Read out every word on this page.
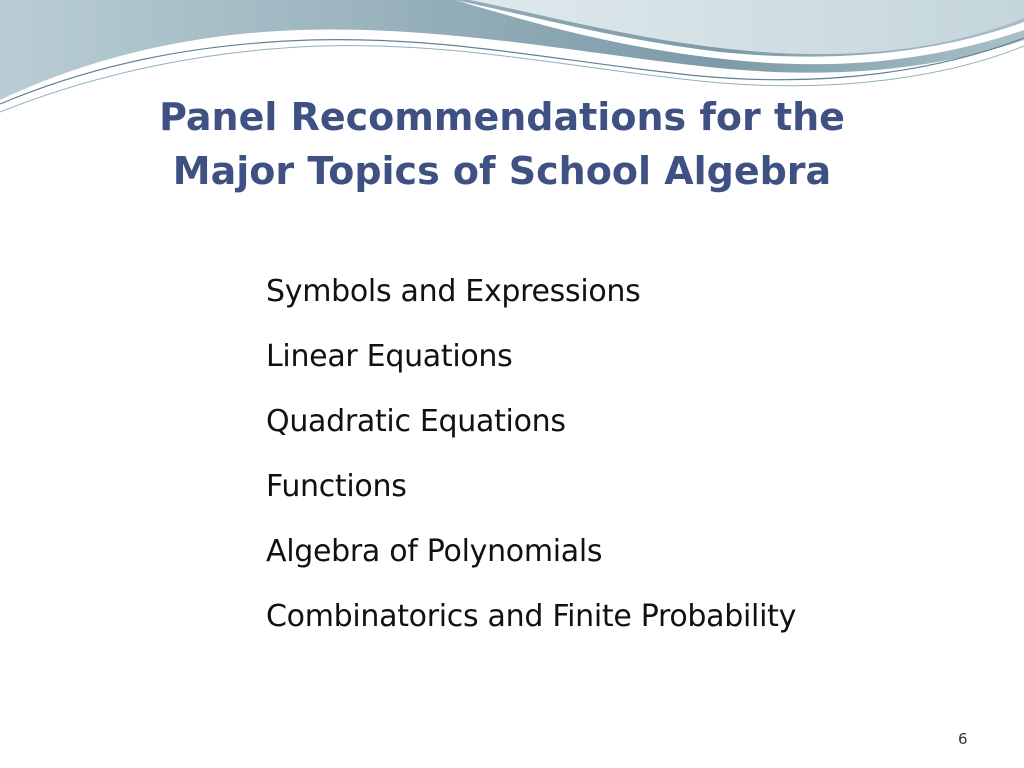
Panel Recommendations for the
Major Topics of School Algebra
Symbols and Expressions
Linear Equations
Quadratic Equations
Functions
Algebra of Polynomials
Combinatorics and Finite Probability
6
